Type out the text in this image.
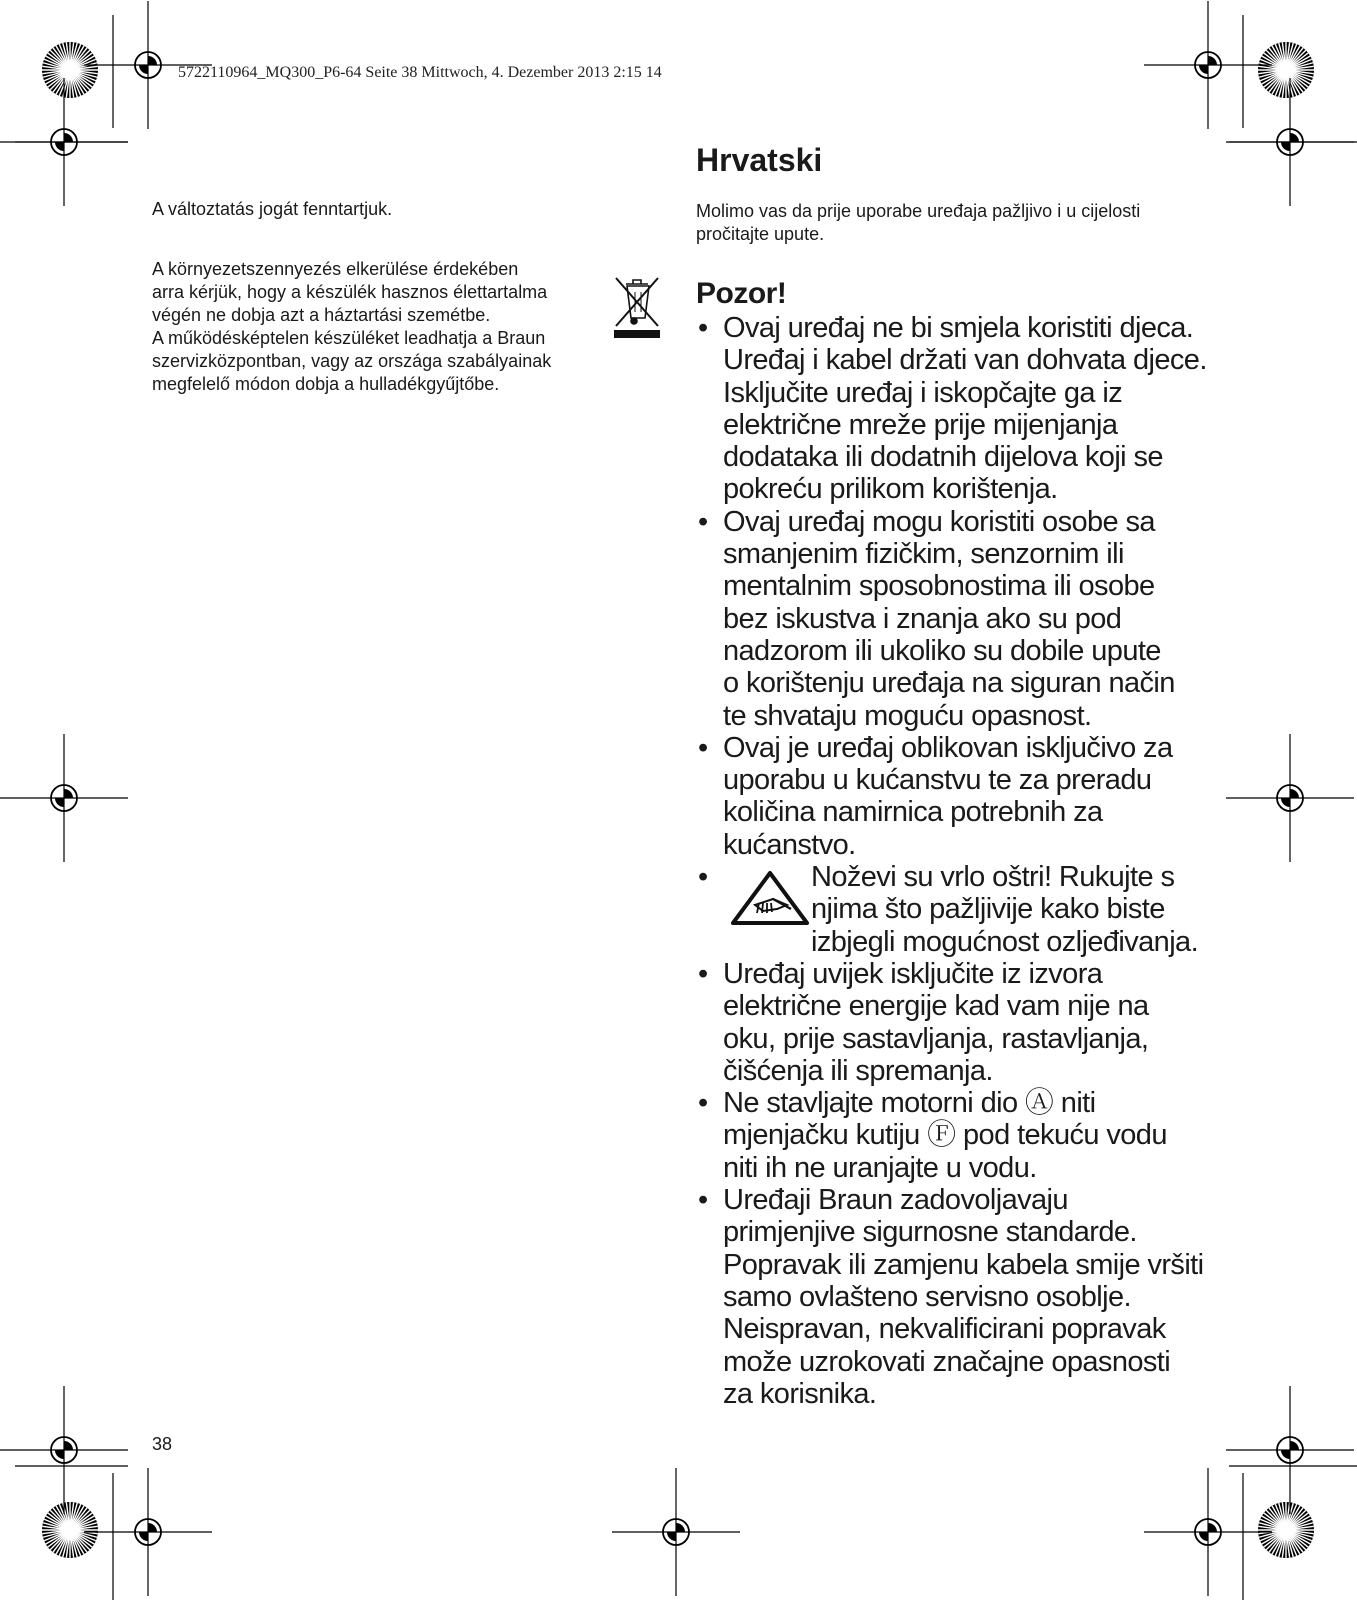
5722110964_MQ300_P6-64 Seite 38 Mittwoch, 4. Dezember 2013 2:15 14

A változtatás jogát fenntartjuk.

A környezetszennyezés elkerülése érdekében
arra kérjük, hogy a készülék hasznos élettartalma
végén ne dobja azt a háztartási szemétbe.
A működésképtelen készüléket leadhatja a Braun
szervizközpontban, vagy az országa szabályainak
megfelelő módon dobja a hulladékgyűjtőbe.

Hrvatski

Molimo vas da prije uporabe uređaja pažljivo i u cijelosti
pročitajte upute.

Pozor!
• Ovaj uređaj ne bi smjela koristiti djeca.
Uređaj i kabel držati van dohvata djece.
Isključite uređaj i iskopčajte ga iz
električne mreže prije mijenjanja
dodataka ili dodatnih dijelova koji se
pokreću prilikom korištenja.
• Ovaj uređaj mogu koristiti osobe sa
smanjenim fizičkim, senzornim ili
mentalnim sposobnostima ili osobe
bez iskustva i znanja ako su pod
nadzorom ili ukoliko su dobile upute
o korištenju uređaja na siguran način
te shvataju moguću opasnost.
• Ovaj je uređaj oblikovan isključivo za
uporabu u kućanstvu te za preradu
količina namirnica potrebnih za
kućanstvo.
•	Noževi su vrlo oštri! Rukujte s
njima što pažljivije kako biste
izbjegli mogućnost ozljeđivanja.
• Uređaj uvijek isključite iz izvora
električne energije kad vam nije na
oku, prije sastavljanja, rastavljanja,
čišćenja ili spremanja.
• Ne stavljajte motorni dio Ⓐ niti
mjenjačku kutiju Ⓕ pod tekuću vodu
niti ih ne uranjajte u vodu.
• Uređaji Braun zadovoljavaju
primjenjive sigurnosne standarde.
Popravak ili zamjenu kabela smije vršiti
samo ovlašteno servisno osoblje.
Neispravan, nekvalificirani popravak
može uzrokovati značajne opasnosti
za korisnika.
38
